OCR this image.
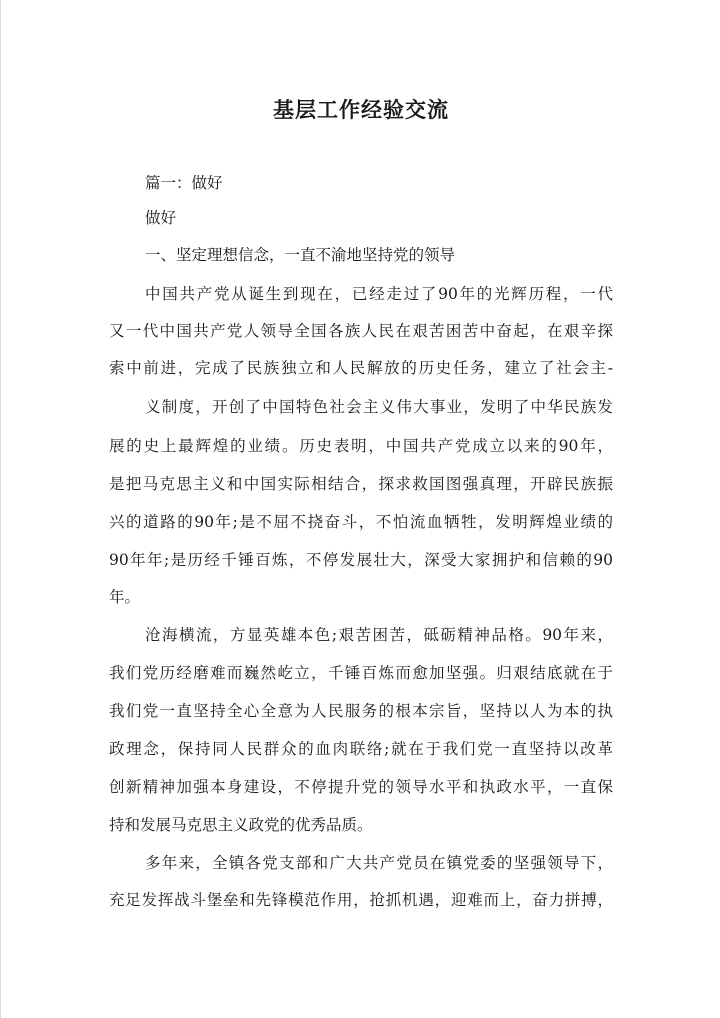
基层工作经验交流
篇一：做好
做好
一、坚定理想信念，一直不渝地坚持党的领导
中国共产党从诞生到现在，已经走过了90年的光辉历程，一代
又一代中国共产党人领导全国各族人民在艰苦困苦中奋起，在艰辛探
索中前进，完成了民族独立和人民解放的历史任务，建立了社会主-
义制度，开创了中国特色社会主义伟大事业，发明了中华民族发
展的史上最辉煌的业绩。历史表明，中国共产党成立以来的90年，
是把马克思主义和中国实际相结合，探求救国图强真理，开辟民族振
兴的道路的90年;是不屈不挠奋斗，不怕流血牺牲，发明辉煌业绩的
90年年;是历经千锤百炼，不停发展壮大，深受大家拥护和信赖的90
年。
沧海横流，方显英雄本色;艰苦困苦，砥砺精神品格。90年来，
我们党历经磨难而巍然屹立，千锤百炼而愈加坚强。归艰结底就在于
我们党一直坚持全心全意为人民服务的根本宗旨，坚持以人为本的执
政理念，保持同人民群众的血肉联络;就在于我们党一直坚持以改革
创新精神加强本身建设，不停提升党的领导水平和执政水平，一直保
持和发展马克思主义政党的优秀品质。
多年来，全镇各党支部和广大共产党员在镇党委的坚强领导下，
充足发挥战斗堡垒和先锋模范作用，抢抓机遇，迎难而上，奋力拼搏，
